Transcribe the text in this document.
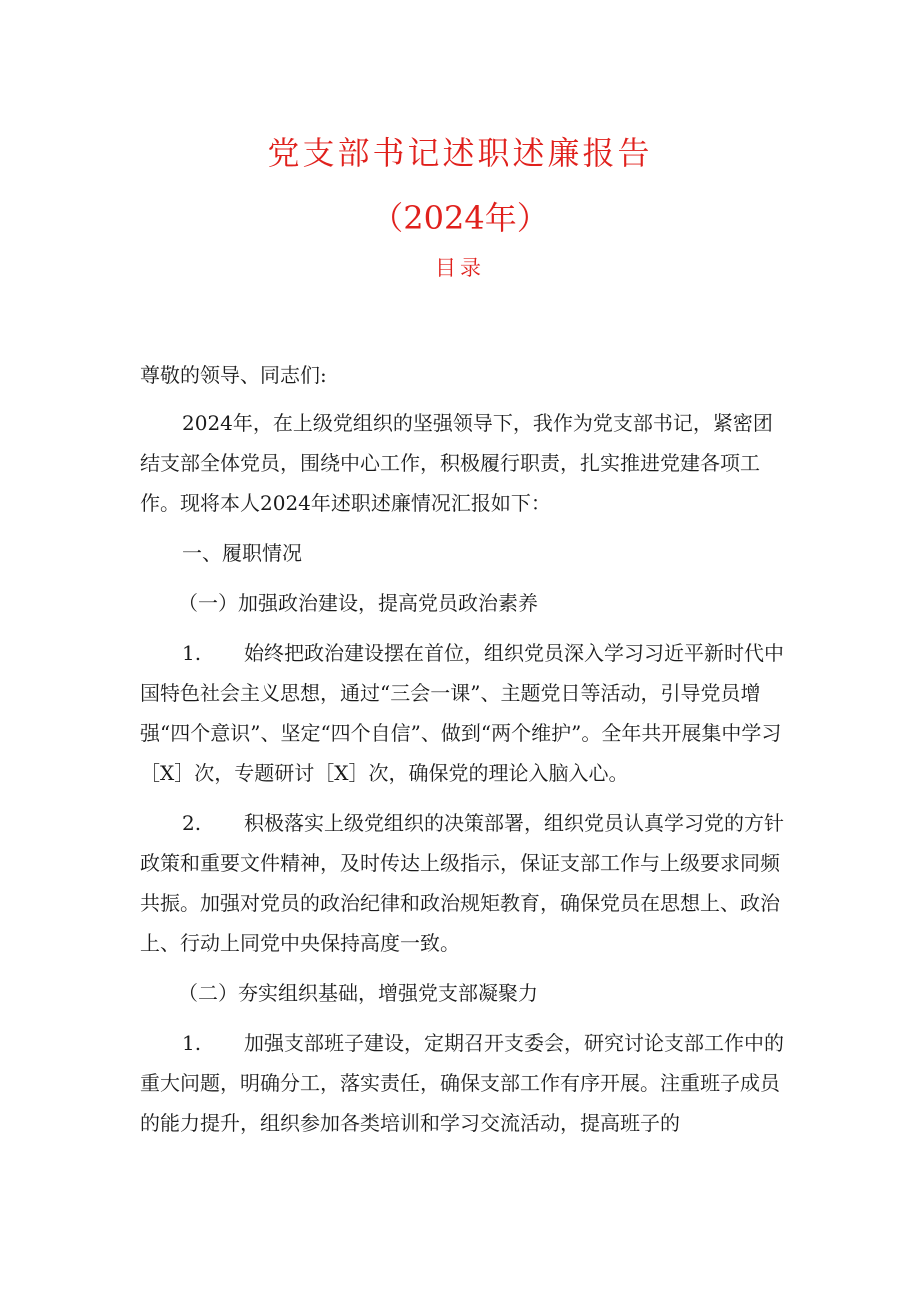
党支部书记述职述廉报告
（2024年）
目录

尊敬的领导、同志们:

2024年，在上级党组织的坚强领导下，我作为党支部书记，紧密团结支部全体党员，围绕中心工作，积极履行职责，扎实推进党建各项工作。现将本人2024年述职述廉情况汇报如下：

一、履职情况

（一）加强政治建设，提高党员政治素养

1. 始终把政治建设摆在首位，组织党员深入学习习近平新时代中国特色社会主义思想，通过“三会一课”、主题党日等活动，引导党员增强“四个意识”、坚定“四个自信”、做到“两个维护”。全年共开展集中学习［X］次，专题研讨［X］次，确保党的理论入脑入心。

2. 积极落实上级党组织的决策部署，组织党员认真学习党的方针政策和重要文件精神，及时传达上级指示，保证支部工作与上级要求同频共振。加强对党员的政治纪律和政治规矩教育，确保党员在思想上、政治上、行动上同党中央保持高度一致。

（二）夯实组织基础，增强党支部凝聚力

1. 加强支部班子建设，定期召开支委会，研究讨论支部工作中的重大问题，明确分工，落实责任，确保支部工作有序开展。注重班子成员的能力提升，组织参加各类培训和学习交流活动，提高班子的
